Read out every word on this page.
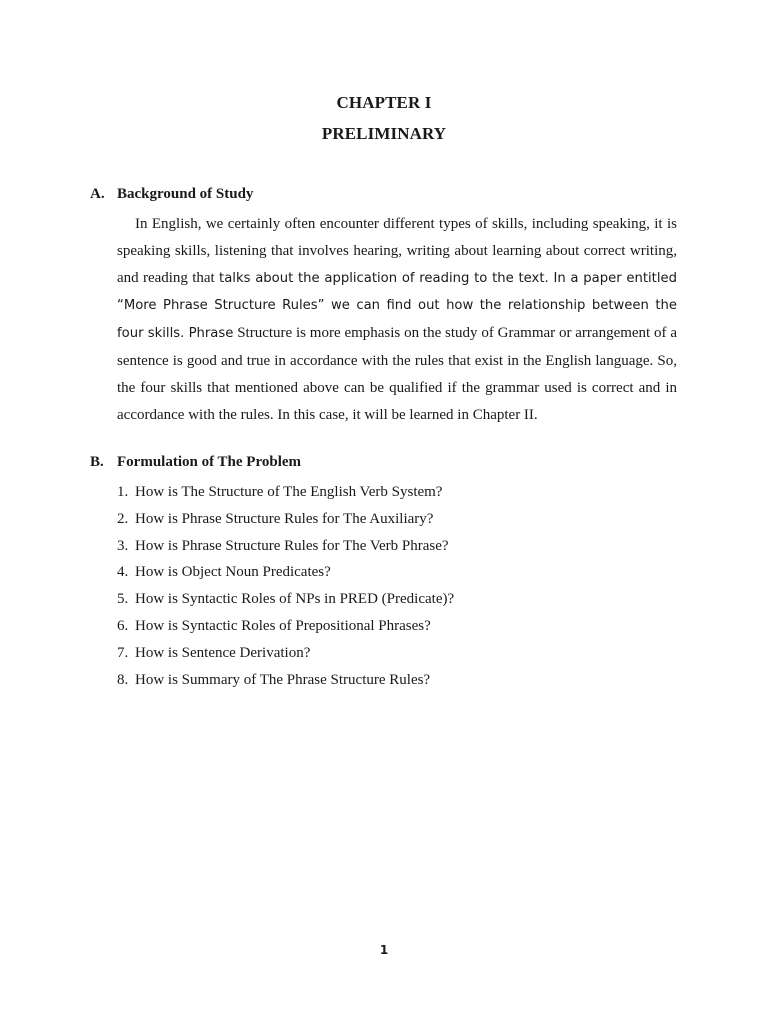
CHAPTER I
PRELIMINARY
A. Background of Study

In English, we certainly often encounter different types of skills, including speaking, it is speaking skills, listening that involves hearing, writing about learning about correct writing, and reading that talks about the application of reading to the text. In a paper entitled “More Phrase Structure Rules” we can find out how the relationship between the four skills. Phrase Structure is more emphasis on the study of Grammar or arrangement of a sentence is good and true in accordance with the rules that exist in the English language. So, the four skills that mentioned above can be qualified if the grammar used is correct and in accordance with the rules. In this case, it will be learned in Chapter II.

B. Formulation of The Problem
1. How is The Structure of The English Verb System?
2. How is Phrase Structure Rules for The Auxiliary?
3. How is Phrase Structure Rules for The Verb Phrase?
4. How is Object Noun Predicates?
5. How is Syntactic Roles of NPs in PRED (Predicate)?
6. How is Syntactic Roles of Prepositional Phrases?
7. How is Sentence Derivation?
8. How is Summary of The Phrase Structure Rules?
1
